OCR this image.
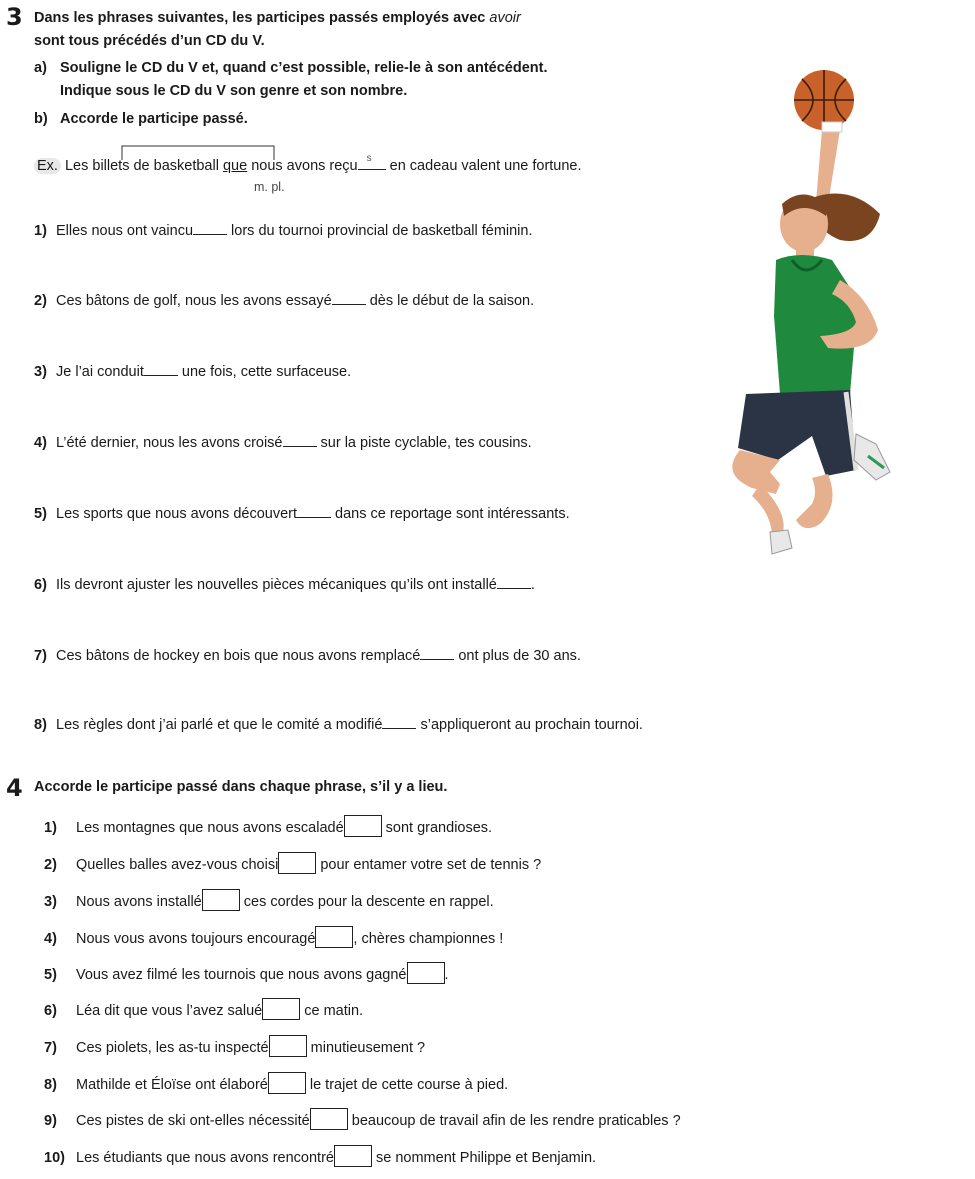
3 Dans les phrases suivantes, les participes passés employés avec avoir
sont tous précédés d’un CD du V.
a) Souligne le CD du V et, quand c’est possible, relie-le à son antécédent.
Indique sous le CD du V son genre et son nombre.
b) Accorde le participe passé.
Ex. Les billets de basketball que nous avons reçu s en cadeau valent une fortune.
m. pl.
1) Elles nous ont vaincu lors du tournoi provincial de basketball féminin.
2) Ces bâtons de golf, nous les avons essayé dès le début de la saison.
3) Je l’ai conduit une fois, cette surfaceuse.
4) L’été dernier, nous les avons croisé sur la piste cyclable, tes cousins.
5) Les sports que nous avons découvert dans ce reportage sont intéressants.
6) Ils devront ajuster les nouvelles pièces mécaniques qu’ils ont installé .
7) Ces bâtons de hockey en bois que nous avons remplacé ont plus de 30 ans.
8) Les règles dont j’ai parlé et que le comité a modifié s’appliqueront au prochain tournoi.
4 Accorde le participe passé dans chaque phrase, s’il y a lieu.
1) Les montagnes que nous avons escaladé	sont grandioses.
2) Quelles balles avez-vous choisi	pour entamer votre set de tennis ?
3) Nous avons installé	ces cordes pour la descente en rappel.
4) Nous vous avons toujours encouragé	, chères championnes !
5) Vous avez filmé les tournois que nous avons gagné	.
6) Léa dit que vous l’avez salué	ce matin.
7) Ces piolets, les as-tu inspecté	minutieusement ?
8) Mathilde et Éloïse ont élaboré	le trajet de cette course à pied.
9) Ces pistes de ski ont-elles nécessité	beaucoup de travail afin de les rendre praticables ?
10) Les étudiants que nous avons rencontré	se nomment Philippe et Benjamin.
